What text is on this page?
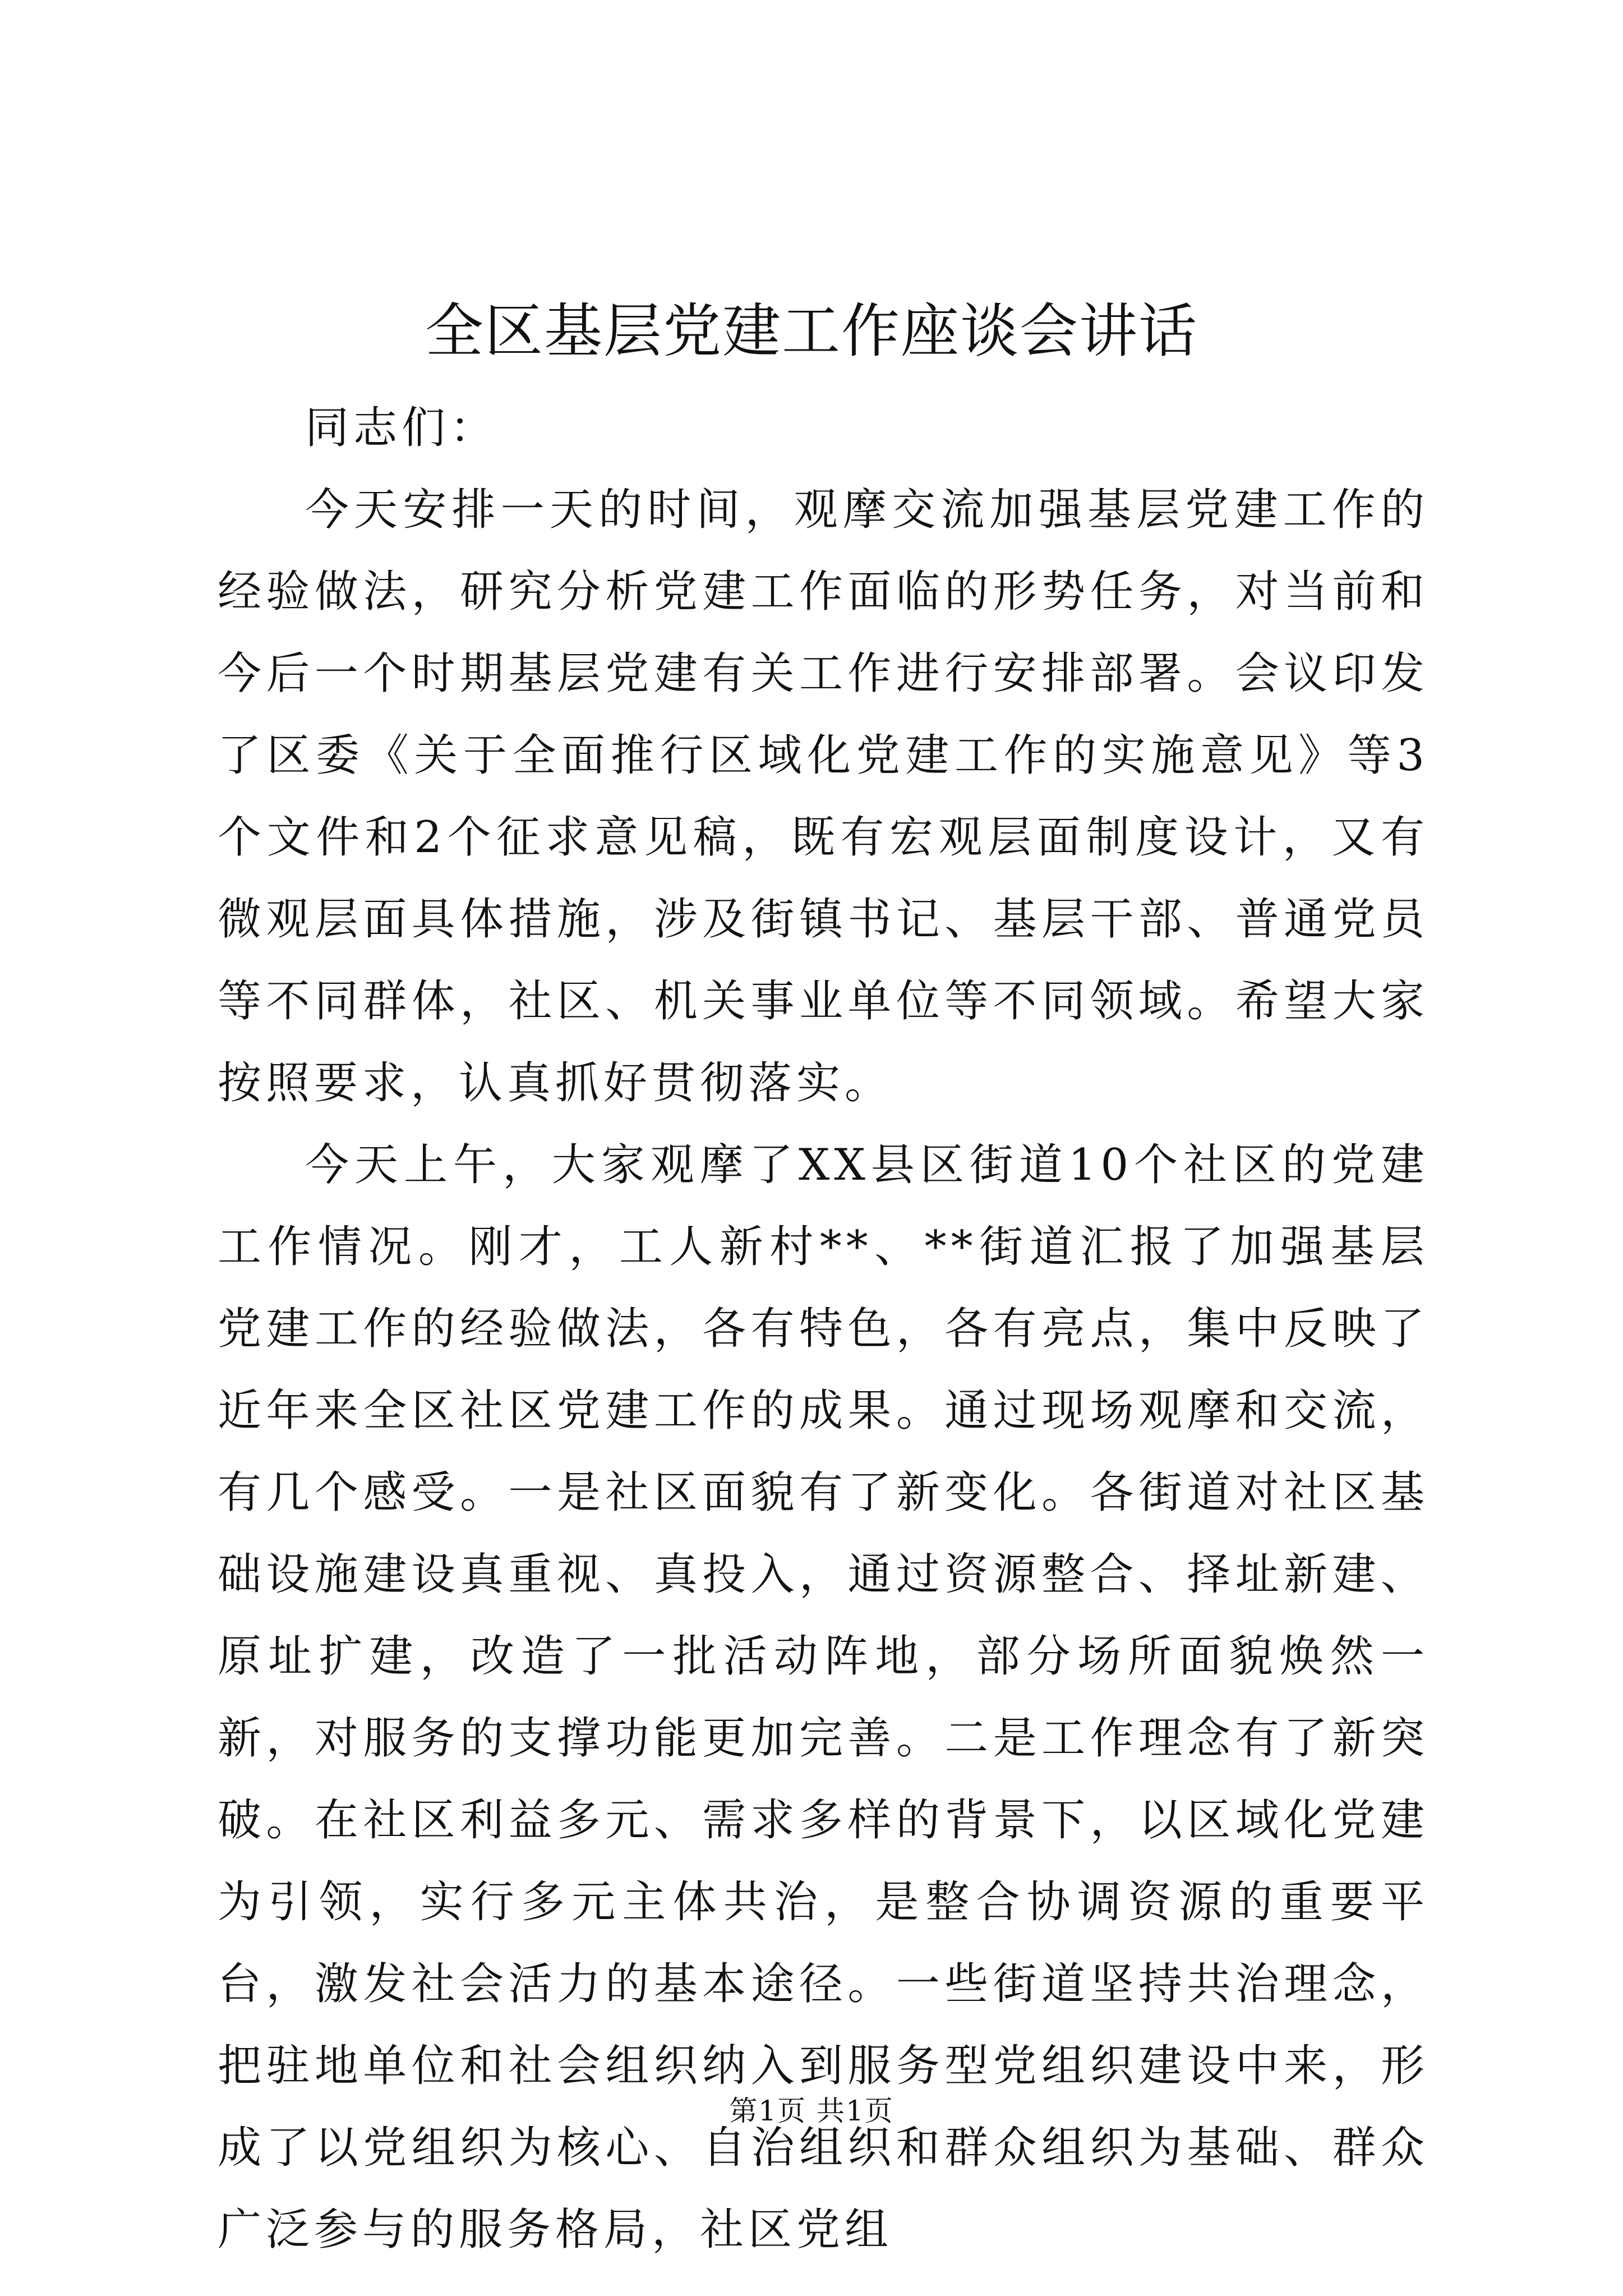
全区基层党建工作座谈会讲话

同志们：

今天安排一天的时间，观摩交流加强基层党建工作的经验做法，研究分析党建工作面临的形势任务，对当前和今后一个时期基层党建有关工作进行安排部署。会议印发了区委《关于全面推行区域化党建工作的实施意见》等3个文件和2个征求意见稿，既有宏观层面制度设计，又有微观层面具体措施，涉及街镇书记、基层干部、普通党员等不同群体，社区、机关事业单位等不同领域。希望大家按照要求，认真抓好贯彻落实。

今天上午，大家观摩了XX县区街道10个社区的党建工作情况。刚才，工人新村**、**街道汇报了加强基层党建工作的经验做法，各有特色，各有亮点，集中反映了近年来全区社区党建工作的成果。通过现场观摩和交流，有几个感受。一是社区面貌有了新变化。各街道对社区基础设施建设真重视、真投入，通过资源整合、择址新建、原址扩建，改造了一批活动阵地，部分场所面貌焕然一新，对服务的支撑功能更加完善。二是工作理念有了新突破。在社区利益多元、需求多样的背景下，以区域化党建为引领，实行多元主体共治，是整合协调资源的重要平台，激发社会活力的基本途径。一些街道坚持共治理念，把驻地单位和社会组织纳入到服务型党组织建设中来，形成了以党组织为核心、自治组织和群众组织为基础、群众广泛参与的服务格局，社区党组

第1页 共1页
